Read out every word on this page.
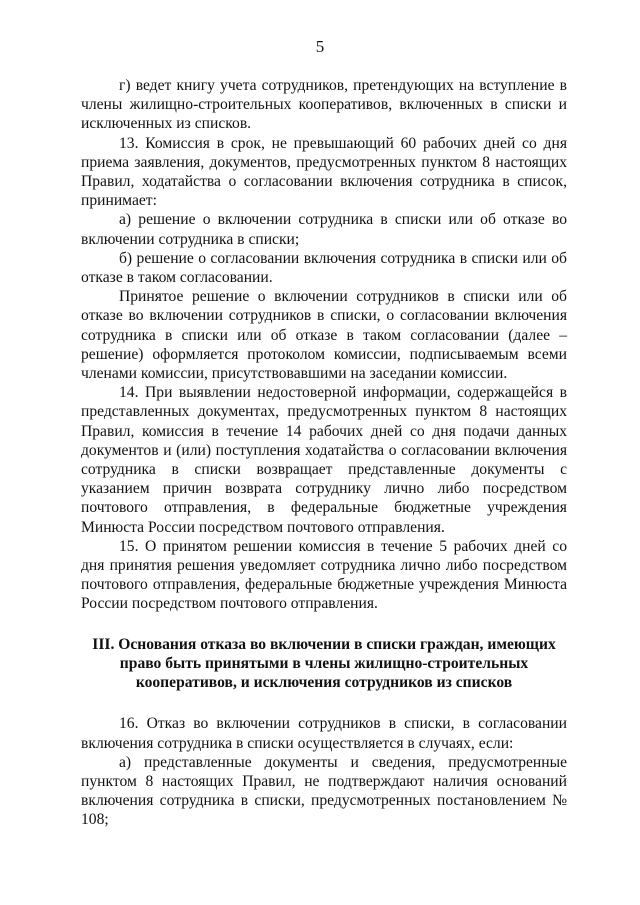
5

г) ведет книгу учета сотрудников, претендующих на вступление в члены жилищно-строительных кооперативов, включенных в списки и исключенных из списков.

13. Комиссия в срок, не превышающий 60 рабочих дней со дня приема заявления, документов, предусмотренных пунктом 8 настоящих Правил, ходатайства о согласовании включения сотрудника в список, принимает:

а) решение о включении сотрудника в списки или об отказе во включении сотрудника в списки;

б) решение о согласовании включения сотрудника в списки или об отказе в таком согласовании.

Принятое решение о включении сотрудников в списки или об отказе во включении сотрудников в списки, о согласовании включения сотрудника в списки или об отказе в таком согласовании (далее – решение) оформляется протоколом комиссии, подписываемым всеми членами комиссии, присутствовавшими на заседании комиссии.

14. При выявлении недостоверной информации, содержащейся в представленных документах, предусмотренных пунктом 8 настоящих Правил, комиссия в течение 14 рабочих дней со дня подачи данных документов и (или) поступления ходатайства о согласовании включения сотрудника в списки возвращает представленные документы с указанием причин возврата сотруднику лично либо посредством почтового отправления, в федеральные бюджетные учреждения Минюста России посредством почтового отправления.

15. О принятом решении комиссия в течение 5 рабочих дней со дня принятия решения уведомляет сотрудника лично либо посредством почтового отправления, федеральные бюджетные учреждения Минюста России посредством почтового отправления.

III. Основания отказа во включении в списки граждан, имеющих
право быть принятыми в члены жилищно-строительных
кооперативов, и исключения сотрудников из списков

16. Отказ во включении сотрудников в списки, в согласовании включения сотрудника в списки осуществляется в случаях, если:

а) представленные документы и сведения, предусмотренные пунктом 8 настоящих Правил, не подтверждают наличия оснований включения сотрудника в списки, предусмотренных постановлением № 108;
